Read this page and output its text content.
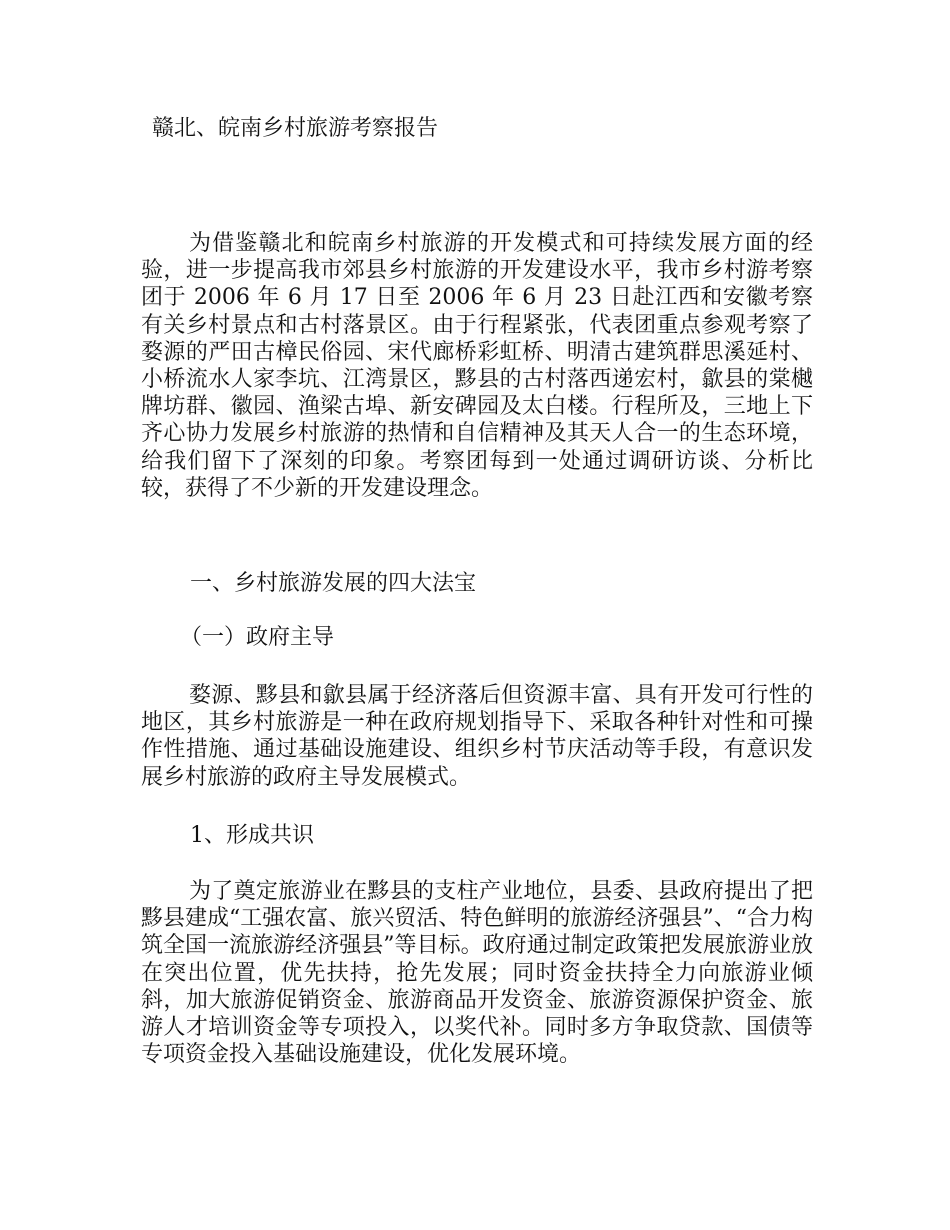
赣北、皖南乡村旅游考察报告

为借鉴赣北和皖南乡村旅游的开发模式和可持续发展方面的经验，进一步提高我市郊县乡村旅游的开发建设水平，我市乡村游考察团于 2006 年 6 月 17 日至 2006 年 6 月 23 日赴江西和安徽考察有关乡村景点和古村落景区。由于行程紧张，代表团重点参观考察了婺源的严田古樟民俗园、宋代廊桥彩虹桥、明清古建筑群思溪延村、小桥流水人家李坑、江湾景区，黟县的古村落西递宏村，歙县的棠樾牌坊群、徽园、渔梁古埠、新安碑园及太白楼。行程所及，三地上下齐心协力发展乡村旅游的热情和自信精神及其天人合一的生态环境，给我们留下了深刻的印象。考察团每到一处通过调研访谈、分析比较，获得了不少新的开发建设理念。

一、乡村旅游发展的四大法宝
（一）政府主导

婺源、黟县和歙县属于经济落后但资源丰富、具有开发可行性的地区，其乡村旅游是一种在政府规划指导下、采取各种针对性和可操作性措施、通过基础设施建设、组织乡村节庆活动等手段，有意识发展乡村旅游的政府主导发展模式。

1、形成共识

为了奠定旅游业在黟县的支柱产业地位，县委、县政府提出了把黟县建成“工强农富、旅兴贸活、特色鲜明的旅游经济强县”、“合力构筑全国一流旅游经济强县”等目标。政府通过制定政策把发展旅游业放在突出位置，优先扶持，抢先发展；同时资金扶持全力向旅游业倾斜，加大旅游促销资金、旅游商品开发资金、旅游资源保护资金、旅游人才培训资金等专项投入，以奖代补。同时多方争取贷款、国债等专项资金投入基础设施建设，优化发展环境。
